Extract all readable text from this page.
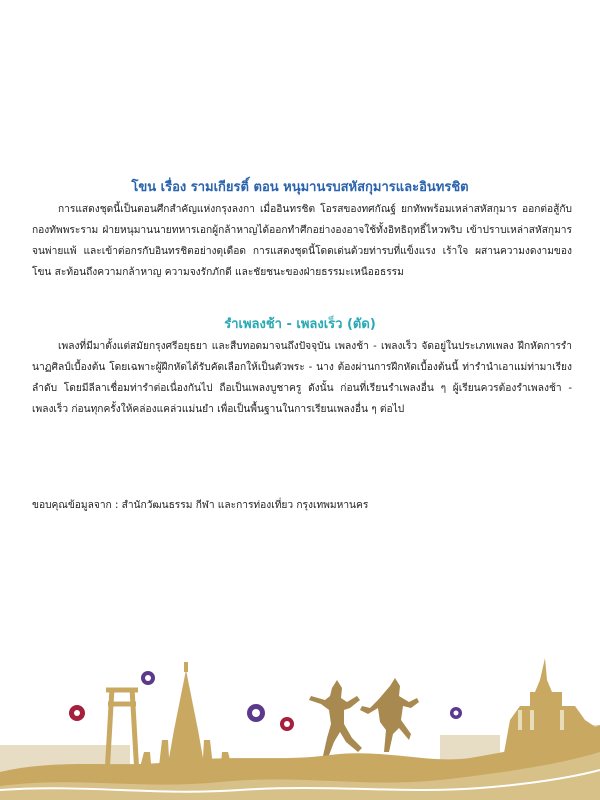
โขน เรื่อง รามเกียรติ์ ตอน หนุมานรบสหัสกุมารและอินทรชิต

การแสดงชุดนี้เป็นตอนศึกสำคัญแห่งกรุงลงกา เมื่ออินทรชิต โอรสของทศกัณฐ์ ยกทัพพร้อมเหล่าสหัสกุมาร ออกต่อสู้กับกองทัพพระราม ฝ่ายหนุมานนายทหารเอกผู้กล้าหาญได้ออกทำศึกอย่างองอาจใช้ทั้งอิทธิฤทธิ์ไหวพริบ เข้าปราบเหล่าสหัสกุมารจนพ่ายแพ้ และเข้าต่อกรกับอินทรชิตอย่างดุเดือด การแสดงชุดนี้โดดเด่นด้วยท่ารบที่แข็งแรง เร้าใจ ผสานความงดงามของโขน สะท้อนถึงความกล้าหาญ ความจงรักภักดี และชัยชนะของฝ่ายธรรมะเหนืออธรรม

รำเพลงช้า - เพลงเร็ว (ตัด)

เพลงที่มีมาตั้งแต่สมัยกรุงศรีอยุธยา และสืบทอดมาจนถึงปัจจุบัน เพลงช้า - เพลงเร็ว จัดอยู่ในประเภทเพลง ฝึกหัดการรำนาฏศิลป์เบื้องต้น โดยเฉพาะผู้ฝึกหัดได้รับคัดเลือกให้เป็นตัวพระ - นาง ต้องผ่านการฝึกหัดเบื้องต้นนี้ ท่ารำนำเอาแม่ท่ามาเรียงลำดับ โดยมีลีลาเชื่อมท่ารำต่อเนื่องกันไป ถือเป็นเพลงบูชาครู ดังนั้น ก่อนที่เรียนรำเพลงอื่น ๆ ผู้เรียนควรต้องรำเพลงช้า - เพลงเร็ว ก่อนทุกครั้งให้คล่องแคล่วแม่นยำ เพื่อเป็นพื้นฐานในการเรียนเพลงอื่น ๆ ต่อไป

ขอบคุณข้อมูลจาก : สำนักวัฒนธรรม กีฬา และการท่องเที่ยว กรุงเทพมหานคร
